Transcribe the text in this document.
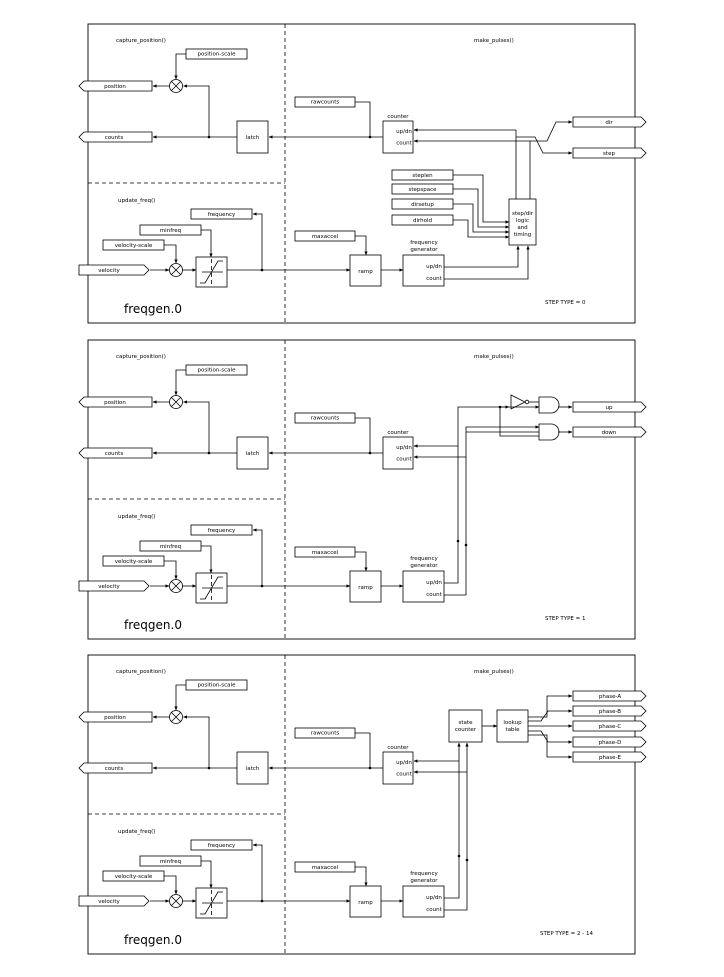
steplen
stepspace
dirsetup
dirhold
step/dir
logic
and
timing
dir
step
STEP TYPE = 0
up
down
STEP TYPE = 1
state
counter
lookup
table
phase-A
phase-B
phase-C
phase-D
phase-E
STEP TYPE = 2 - 14
